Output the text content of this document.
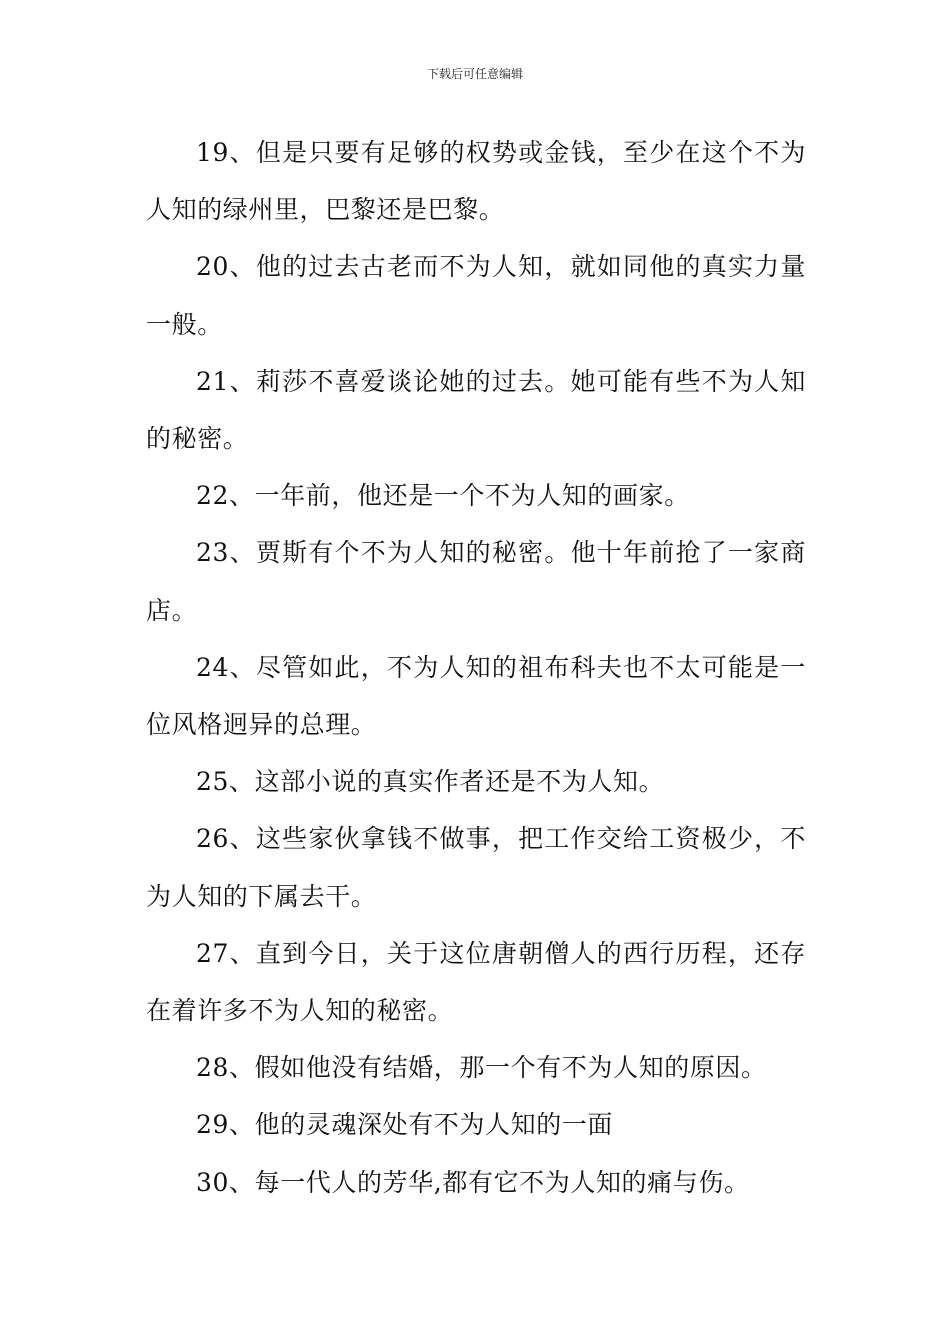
下载后可任意编辑

19、但是只要有足够的权势或金钱，至少在这个不为人知的绿州里，巴黎还是巴黎。

20、他的过去古老而不为人知，就如同他的真实力量一般。

21、莉莎不喜爱谈论她的过去。她可能有些不为人知的秘密。

22、一年前，他还是一个不为人知的画家。

23、贾斯有个不为人知的秘密。他十年前抢了一家商店。

24、尽管如此，不为人知的祖布科夫也不太可能是一位风格迥异的总理。

25、这部小说的真实作者还是不为人知。

26、这些家伙拿钱不做事，把工作交给工资极少，不为人知的下属去干。

27、直到今日，关于这位唐朝僧人的西行历程，还存在着许多不为人知的秘密。

28、假如他没有结婚，那一个有不为人知的原因。

29、他的灵魂深处有不为人知的一面

30、每一代人的芳华,都有它不为人知的痛与伤。
